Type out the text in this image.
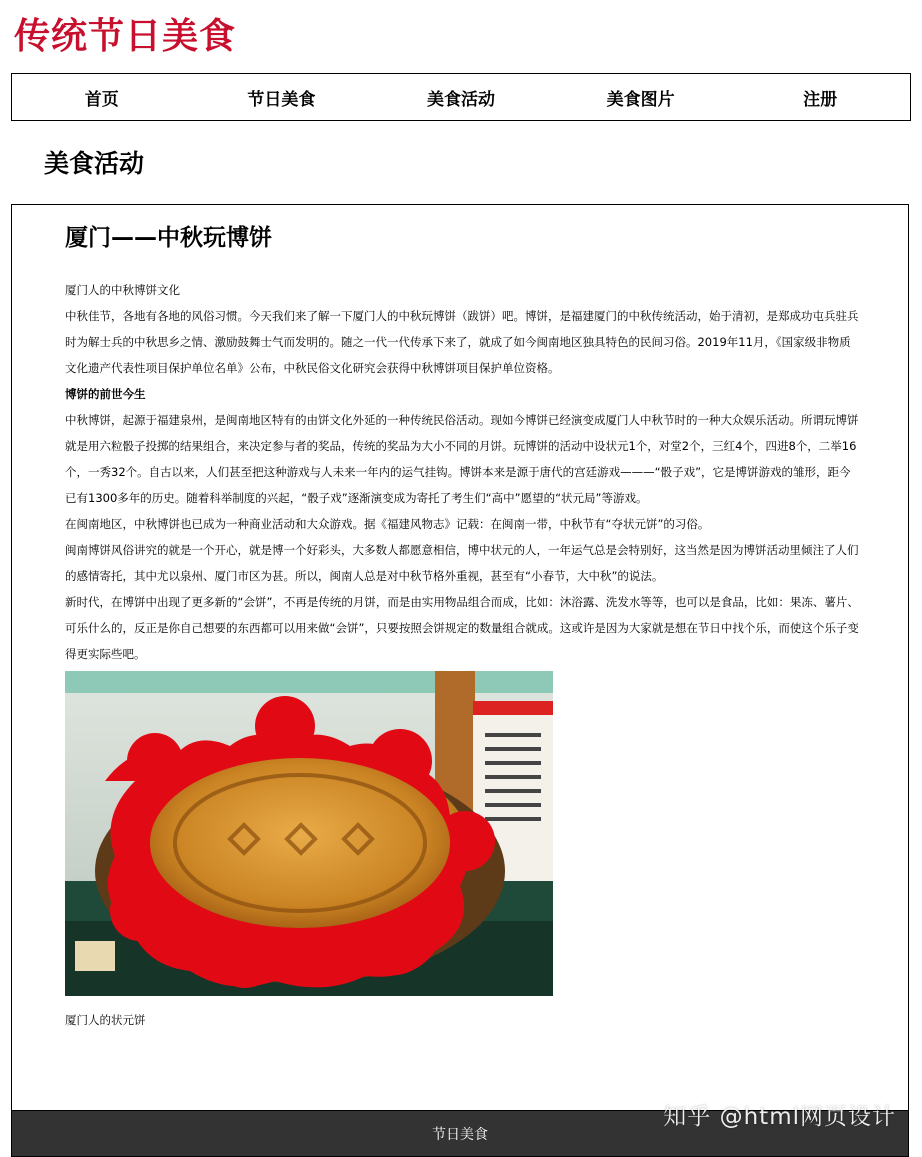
传统节日美食
首页	节日美食	美食活动	美食图片	注册
美食活动
厦门——中秋玩博饼

厦门人的中秋博饼文化

中秋佳节，各地有各地的风俗习惯。今天我们来了解一下厦门人的中秋玩博饼（跋饼）吧。博饼，是福建厦门的中秋传统活动，始于清初，是郑成功屯兵驻兵时为解士兵的中秋思乡之情、激励鼓舞士气而发明的。随之一代一代传承下来了，就成了如今闽南地区独具特色的民间习俗。2019年11月，《国家级非物质文化遗产代表性项目保护单位名单》公布，中秋民俗文化研究会获得中秋博饼项目保护单位资格。

博饼的前世今生

中秋博饼，起源于福建泉州，是闽南地区特有的由饼文化外延的一种传统民俗活动。现如今博饼已经演变成厦门人中秋节时的一种大众娱乐活动。所谓玩博饼就是用六粒骰子投掷的结果组合，来决定参与者的奖品，传统的奖品为大小不同的月饼。玩博饼的活动中设状元1个，对堂2个，三红4个，四进8个，二举16个，一秀32个。自古以来，人们甚至把这种游戏与人未来一年内的运气挂钩。博饼本来是源于唐代的宫廷游戏———“骰子戏”，它是博饼游戏的雏形，距今已有1300多年的历史。随着科举制度的兴起，“骰子戏”逐渐演变成为寄托了考生们“高中”愿望的“状元局”等游戏。

在闽南地区，中秋博饼也已成为一种商业活动和大众游戏。据《福建风物志》记载：在闽南一带，中秋节有“夺状元饼”的习俗。

闽南博饼风俗讲究的就是一个开心，就是博一个好彩头，大多数人都愿意相信，博中状元的人，一年运气总是会特别好，这当然是因为博饼活动里倾注了人们的感情寄托，其中尤以泉州、厦门市区为甚。所以，闽南人总是对中秋节格外重视，甚至有“小春节，大中秋”的说法。

新时代，在博饼中出现了更多新的“会饼”，不再是传统的月饼，而是由实用物品组合而成，比如：沐浴露、洗发水等等，也可以是食品，比如：果冻、薯片、可乐什么的，反正是你自己想要的东西都可以用来做“会饼”，只要按照会饼规定的数量组合就成。这或许是因为大家就是想在节日中找个乐，而使这个乐子变得更实际些吧。

厦门人的状元饼

节日美食
知乎 @html网页设计
